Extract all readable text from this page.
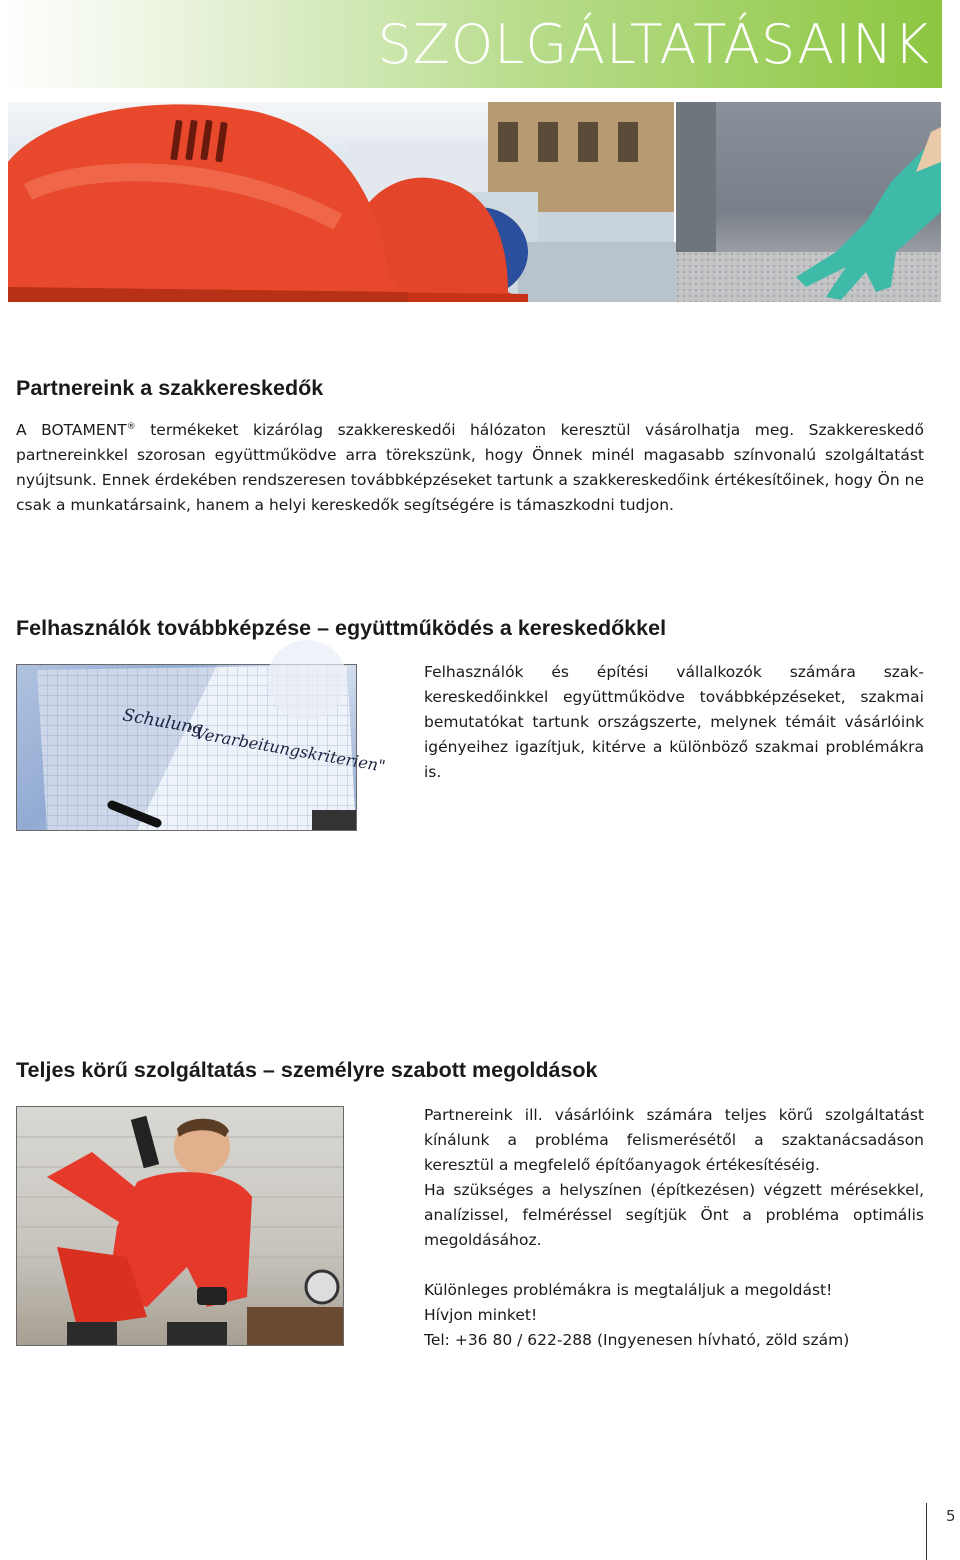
SZOLGÁLTATÁSAINK
Partnereink a szakkereskedők

A BOTAMENT® termékeket kizárólag szakkereskedői hálózaton keresztül vásárolhatja meg. Szakkereskedő partnereinkkel szorosan együttműködve arra törekszünk, hogy Önnek minél magasabb színvonalú szolgáltatást nyújtsunk. Ennek érdekében rendszeresen továbbképzéseket tartunk a szakkereskedőink értékesítőinek, hogy Ön ne csak a munkatársaink, hanem a helyi kereskedők segítségére is támaszkodni tudjon.

Felhasználók továbbképzése – együttműködés a kereskedőkkel
Schulung
"Verarbeitungskriterien"
Felhasználók és építési vállalkozók számára szak-kereskedőinkkel együttműködve továbbképzéseket, szakmai bemutatókat tartunk országszerte, melynek témáit vásárlóink igényeihez igazítjuk, kitérve a különböző szakmai problémákra is.
Teljes körű szolgáltatás – személyre szabott megoldások

Partnereink ill. vásárlóink számára teljes körű szolgáltatást kínálunk a probléma felismerésétől a szaktanácsadáson keresztül a megfelelő építőanyagok értékesítéséig.

Ha szükséges a helyszínen (építkezésen) végzett mérésekkel, analízissel, felméréssel segítjük Önt a probléma optimális megoldásához.

Különleges problémákra is megtaláljuk a megoldást!

Hívjon minket!

Tel: +36 80 / 622-288 (Ingyenesen hívható, zöld szám)

5
